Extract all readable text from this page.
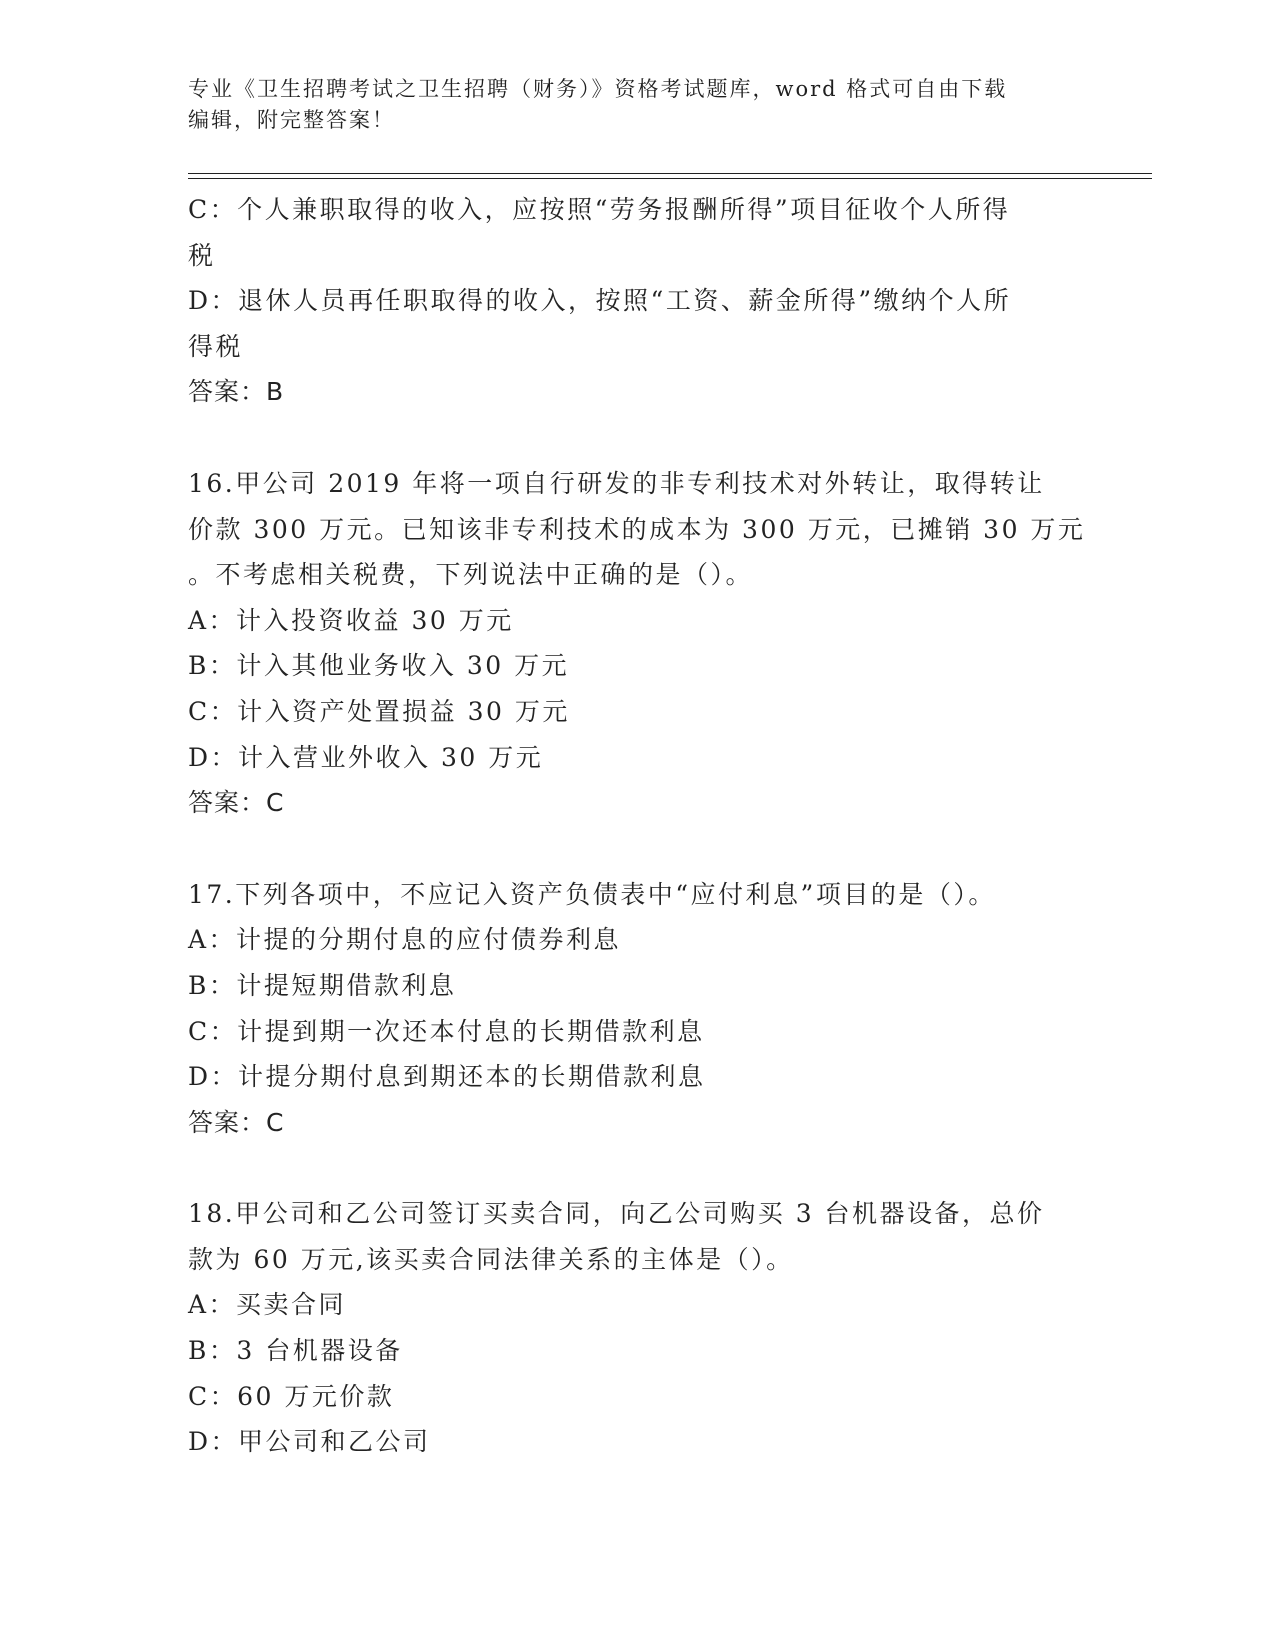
专业《卫生招聘考试之卫生招聘（财务）》资格考试题库，word 格式可自由下载
编辑，附完整答案！

C：个人兼职取得的收入，应按照“劳务报酬所得”项目征收个人所得

税

D：退休人员再任职取得的收入，按照“工资、薪金所得”缴纳个人所

得税

答案：B

16.甲公司 2019 年将一项自行研发的非专利技术对外转让，取得转让

价款 300 万元。已知该非专利技术的成本为 300 万元，已摊销 30 万元

。不考虑相关税费，下列说法中正确的是（）。

A：计入投资收益 30 万元

B：计入其他业务收入 30 万元

C：计入资产处置损益 30 万元

D：计入营业外收入 30 万元

答案：C

17.下列各项中，不应记入资产负债表中“应付利息”项目的是（）。

A：计提的分期付息的应付债券利息

B：计提短期借款利息

C：计提到期一次还本付息的长期借款利息

D：计提分期付息到期还本的长期借款利息

答案：C

18.甲公司和乙公司签订买卖合同，向乙公司购买 3 台机器设备，总价

款为 60 万元,该买卖合同法律关系的主体是（）。

A：买卖合同

B：3 台机器设备

C：60 万元价款

D：甲公司和乙公司
